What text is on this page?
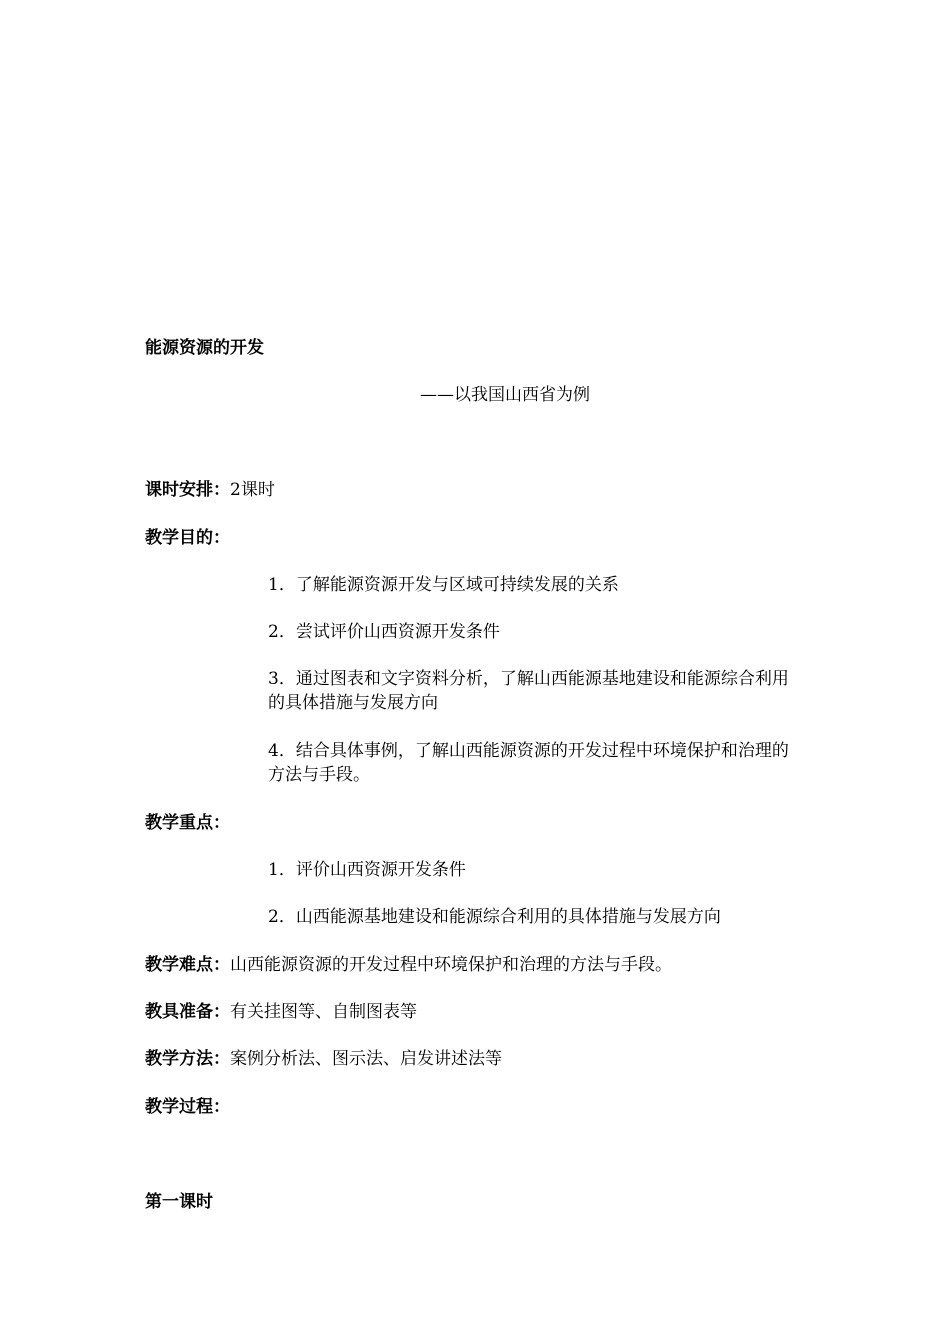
能源资源的开发
——以我国山西省为例
课时安排：2课时
教学目的：
1．了解能源资源开发与区域可持续发展的关系
2．尝试评价山西资源开发条件
3．通过图表和文字资料分析，了解山西能源基地建设和能源综合利用的具体措施与发展方向
4．结合具体事例，了解山西能源资源的开发过程中环境保护和治理的方法与手段。
教学重点：
1．评价山西资源开发条件
2．山西能源基地建设和能源综合利用的具体措施与发展方向
教学难点：山西能源资源的开发过程中环境保护和治理的方法与手段。
教具准备：有关挂图等、自制图表等
教学方法：案例分析法、图示法、启发讲述法等
教学过程：
第一课时
